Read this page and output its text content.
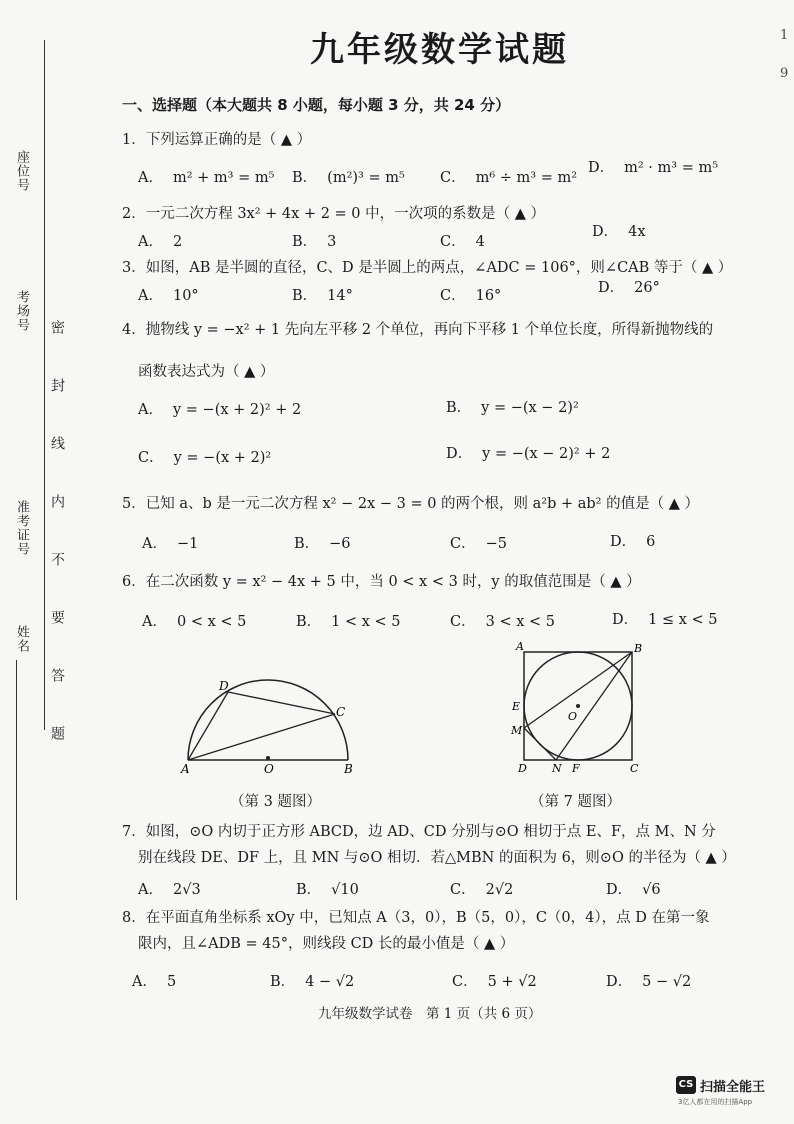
座位号
考场号
准考证号
姓名 密封线内不要答题
1
9
九年级数学试题
一、选择题（本大题共 8 小题，每小题 3 分，共 24 分）
1．下列运算正确的是（ ▲ ）
A． m² + m³ = m⁵ B． (m²)³ = m⁵ C． m⁶ ÷ m³ = m²
D． m² · m³ = m⁵
2．一元二次方程 3x² + 4x + 2 = 0 中，一次项的系数是（ ▲ ）
A． 2	B． 3	C． 4
D． 4x
3．如图，AB 是半圆的直径，C、D 是半圆上的两点，∠ADC = 106°，则∠CAB 等于（ ▲ ）
A． 10°	B． 14°	C． 16°	D． 26°
4．抛物线 y = −x² + 1 先向左平移 2 个单位，再向下平移 1 个单位长度，所得新抛物线的
函数表达式为（ ▲ ）
A． y = −(x + 2)² + 2	B． y = −(x − 2)²
C． y = −(x + 2)²	D． y = −(x − 2)² + 2
5．已知 a、b 是一元二次方程 x² − 2x − 3 = 0 的两个根，则 a²b + ab² 的值是（ ▲ ）
A． −1	B． −6	C． −5	D． 6
6．在二次函数 y = x² − 4x + 5 中，当 0 < x < 3 时，y 的取值范围是（ ▲ ）
A． 0 < x < 5	B． 1 < x < 5	C． 3 < x < 5	D． 1 ≤ x < 5
A	B
C
D
O
（第 3 题图）
A	B
C
D
E
M
N F
O
（第 7 题图）
7．如图，⊙O 内切于正方形 ABCD，边 AD、CD 分别与⊙O 相切于点 E、F，点 M、N 分
别在线段 DE、DF 上，且 MN 与⊙O 相切．若△MBN 的面积为 6，则⊙O 的半径为（ ▲ ）
A． 2√3	B． √10	C． 2√2	D． √6
8．在平面直角坐标系 xOy 中，已知点 A（3，0），B（5，0），C（0，4），点 D 在第一象
限内，且∠ADB = 45°，则线段 CD 长的最小值是（ ▲ ）
A． 5	B． 4 − √2	C． 5 + √2	D． 5 − √2
九年级数学试卷　第 1 页（共 6 页）
CS 扫描全能王
3亿人都在用的扫描App
